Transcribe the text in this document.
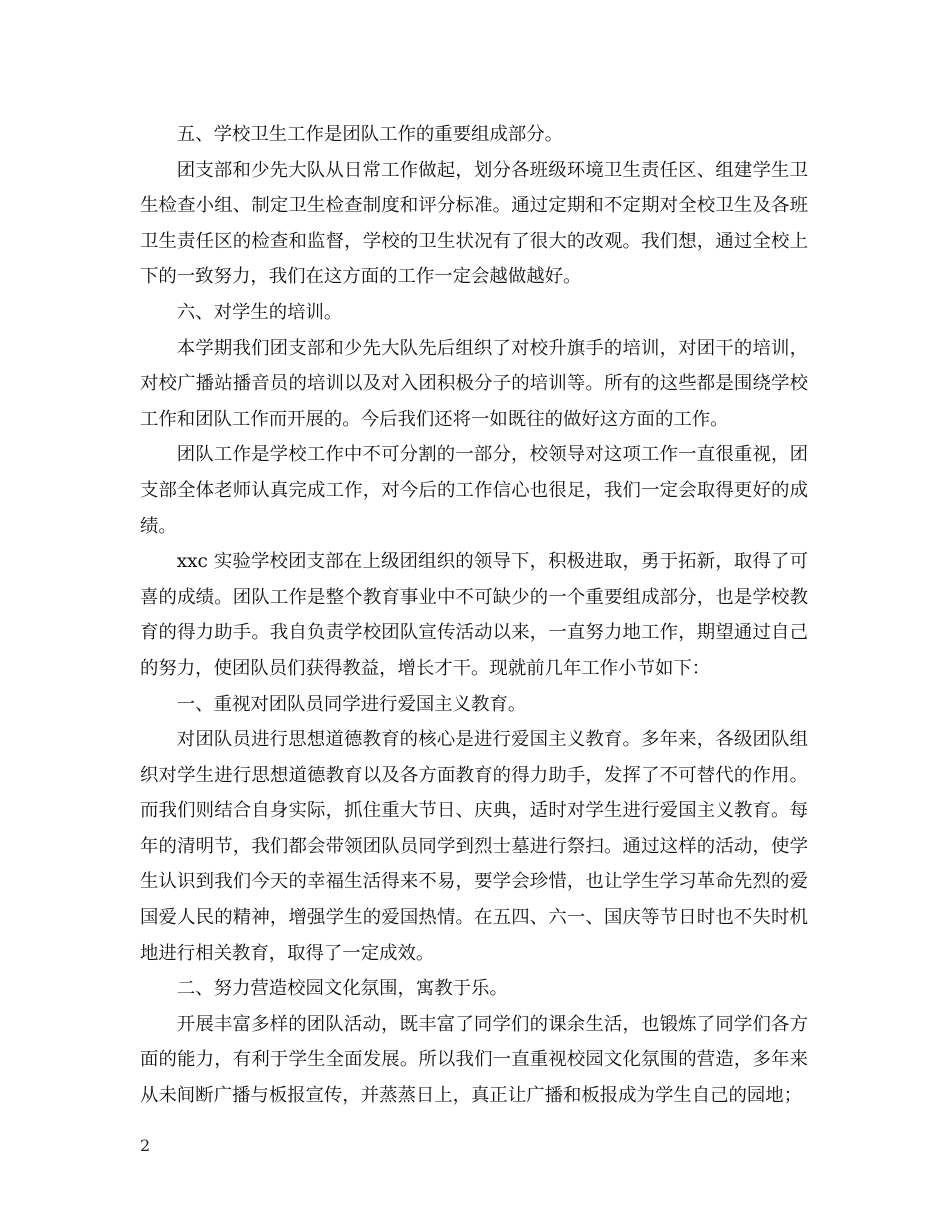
五、学校卫生工作是团队工作的重要组成部分。

团支部和少先大队从日常工作做起，划分各班级环境卫生责任区、组建学生卫生检查小组、制定卫生检查制度和评分标准。通过定期和不定期对全校卫生及各班卫生责任区的检查和监督，学校的卫生状况有了很大的改观。我们想，通过全校上下的一致努力，我们在这方面的工作一定会越做越好。

六、对学生的培训。

本学期我们团支部和少先大队先后组织了对校升旗手的培训，对团干的培训，对校广播站播音员的培训以及对入团积极分子的培训等。所有的这些都是围绕学校工作和团队工作而开展的。今后我们还将一如既往的做好这方面的工作。

团队工作是学校工作中不可分割的一部分，校领导对这项工作一直很重视，团支部全体老师认真完成工作，对今后的工作信心也很足，我们一定会取得更好的成绩。

xxc 实验学校团支部在上级团组织的领导下，积极进取，勇于拓新，取得了可喜的成绩。团队工作是整个教育事业中不可缺少的一个重要组成部分，也是学校教育的得力助手。我自负责学校团队宣传活动以来，一直努力地工作，期望通过自己的努力，使团队员们获得教益，增长才干。现就前几年工作小节如下：

一、重视对团队员同学进行爱国主义教育。

对团队员进行思想道德教育的核心是进行爱国主义教育。多年来，各级团队组织对学生进行思想道德教育以及各方面教育的得力助手，发挥了不可替代的作用。而我们则结合自身实际，抓住重大节日、庆典，适时对学生进行爱国主义教育。每年的清明节，我们都会带领团队员同学到烈士墓进行祭扫。通过这样的活动，使学生认识到我们今天的幸福生活得来不易，要学会珍惜，也让学生学习革命先烈的爱国爱人民的精神，增强学生的爱国热情。在五四、六一、国庆等节日时也不失时机地进行相关教育，取得了一定成效。

二、努力营造校园文化氛围，寓教于乐。

开展丰富多样的团队活动，既丰富了同学们的课余生活，也锻炼了同学们各方面的能力，有利于学生全面发展。所以我们一直重视校园文化氛围的营造，多年来从未间断广播与板报宣传，并蒸蒸日上，真正让广播和板报成为学生自己的园地；

2
